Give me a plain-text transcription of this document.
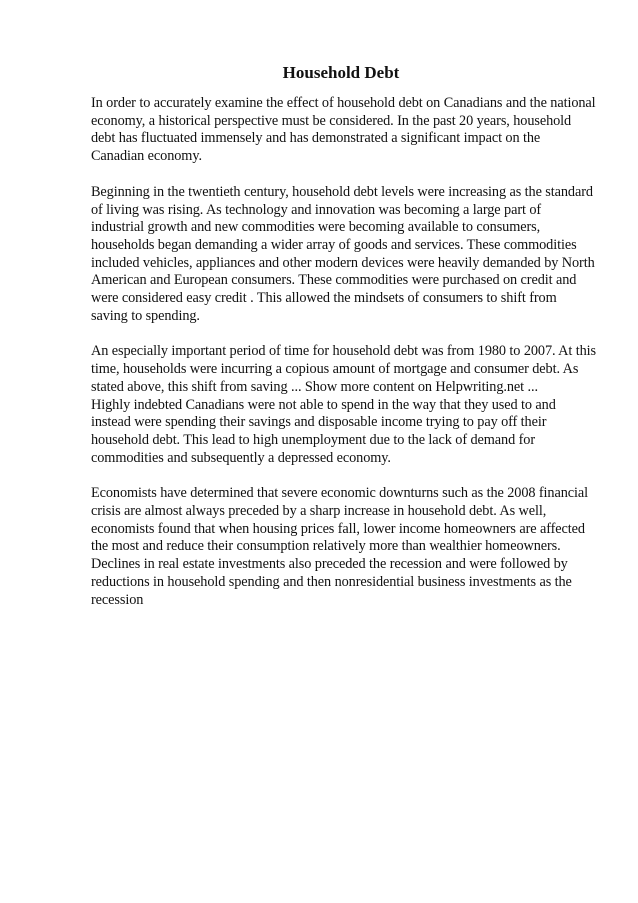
Household Debt

In order to accurately examine the effect of household debt on Canadians and the national economy, a historical perspective must be considered. In the past 20 years, household debt has fluctuated immensely and has demonstrated a significant impact on the Canadian economy.

Beginning in the twentieth century, household debt levels were increasing as the standard of living was rising. As technology and innovation was becoming a large part of industrial growth and new commodities were becoming available to consumers, households began demanding a wider array of goods and services. These commodities included vehicles, appliances and other modern devices were heavily demanded by North American and European consumers. These commodities were purchased on credit and were considered easy credit . This allowed the mindsets of consumers to shift from saving to spending.

An especially important period of time for household debt was from 1980 to 2007. At this time, households were incurring a copious amount of mortgage and consumer debt. As stated above, this shift from saving ... Show more content on Helpwriting.net ...

Highly indebted Canadians were not able to spend in the way that they used to and instead were spending their savings and disposable income trying to pay off their household debt. This lead to high unemployment due to the lack of demand for commodities and subsequently a depressed economy.

Economists have determined that severe economic downturns such as the 2008 financial crisis are almost always preceded by a sharp increase in household debt. As well, economists found that when housing prices fall, lower income homeowners are affected the most and reduce their consumption relatively more than wealthier homeowners. Declines in real estate investments also preceded the recession and were followed by reductions in household spending and then nonresidential business investments as the recession
